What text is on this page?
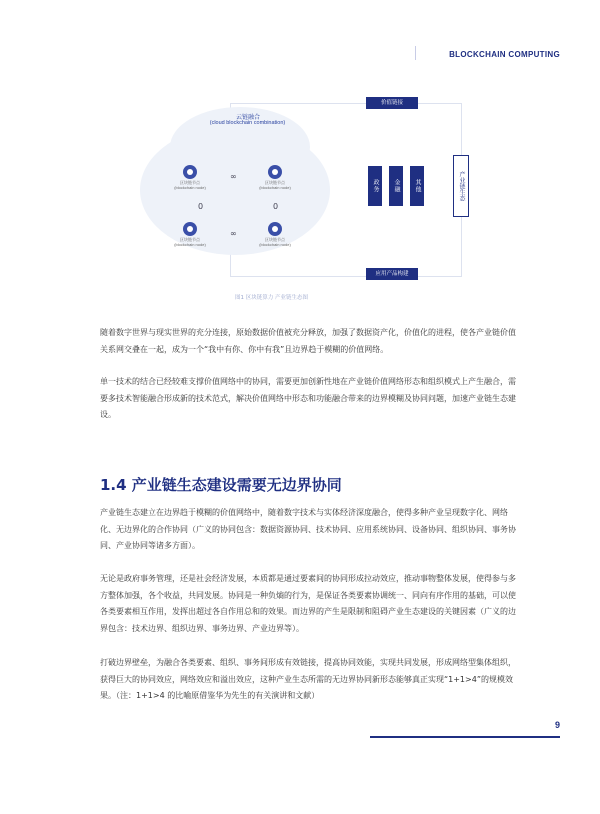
BLOCKCHAIN COMPUTING
云链融合
(cloud blockchain combination)
区块链节点
(blockchain node)
区块链节点
(blockchain node)
区块链节点
(blockchain node)
区块链节点
(blockchain node)
∞
∞
0	0
价值链接
政务	金融	其他	产业链生态
应用产品构建
图1 区块链算力 产业链生态图
随着数字世界与现实世界的充分连接，原始数据价值被充分释放，加强了数据资产化，价值化的进程，使各产业链价值关系网交叠在一起，成为一个“我中有你、你中有我”且边界趋于模糊的价值网络。
单一技术的结合已经较难支撑价值网络中的协同，需要更加创新性地在产业链价值网络形态和组织模式上产生融合，需要多技术智能融合形成新的技术范式，解决价值网络中形态和功能融合带来的边界模糊及协同问题，加速产业链生态建设。
1.4 产业链生态建设需要无边界协同
产业链生态建立在边界趋于模糊的价值网络中，随着数字技术与实体经济深度融合，使得多种产业呈现数字化、网络化、无边界化的合作协同（广义的协同包含：数据资源协同、技术协同、应用系统协同、设备协同、组织协同、事务协同、产业协同等诸多方面）。
无论是政府事务管理，还是社会经济发展，本质都是通过要素间的协同形成拉动效应，推动事物整体发展，使得参与多方整体加强，各个收益，共同发展。协同是一种负熵的行为，是保证各类要素协调统一、同向有序作用的基础，可以使各类要素相互作用，发挥出超过各自作用总和的效果。而边界的产生是限制和阻碍产业生态建设的关键因素（广义的边界包含：技术边界、组织边界、事务边界、产业边界等）。
打破边界壁垒，为融合各类要素、组织、事务间形成有效链接，提高协同效能，实现共同发展，形成网络型集体组织，获得巨大的协同效应，网络效应和溢出效应，这种产业生态所需的无边界协同新形态能够真正实现“1+1>4”的规模效果。（注：1+1>4 的比喻原借鉴华为先生的有关演讲和文献）
9
